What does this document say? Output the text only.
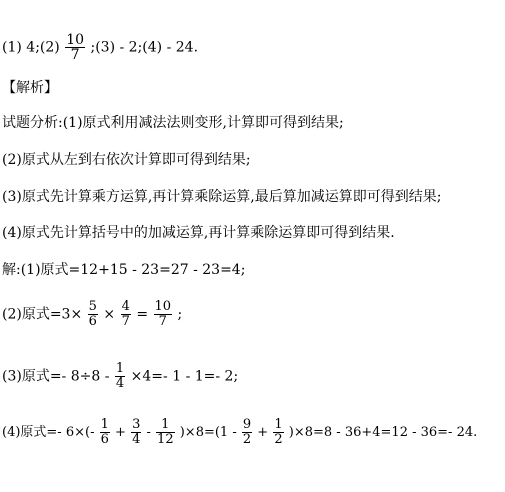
(1) 4;(2) $\frac{10}{7}$ ;(3) - 2;(4) - 24.
【解析】
试题分析:(1)原式利用减法法则变形,计算即可得到结果;
(2)原式从左到右依次计算即可得到结果;
(3)原式先计算乘方运算,再计算乘除运算,最后算加减运算即可得到结果;
(4)原式先计算括号中的加减运算,再计算乘除运算即可得到结果.
解:(1)原式=12+15 - 23=27 - 23=4;
(2)原式$=3\times \frac{5}{6} \times \frac{4}{7} = \frac{10}{7}$ ;
(3)原式=- $8\div 8 - \frac{1}{4} \times 4=-$ 1 - 1=- 2;
(4)原式=- $6\times(- \frac{1}{6} + \frac{3}{4} - \frac{1}{12} )\times 8=(1 - \frac{9}{2} + \frac{1}{2} )\times 8=8 - 36+4=12 - 36=-$ 24.
